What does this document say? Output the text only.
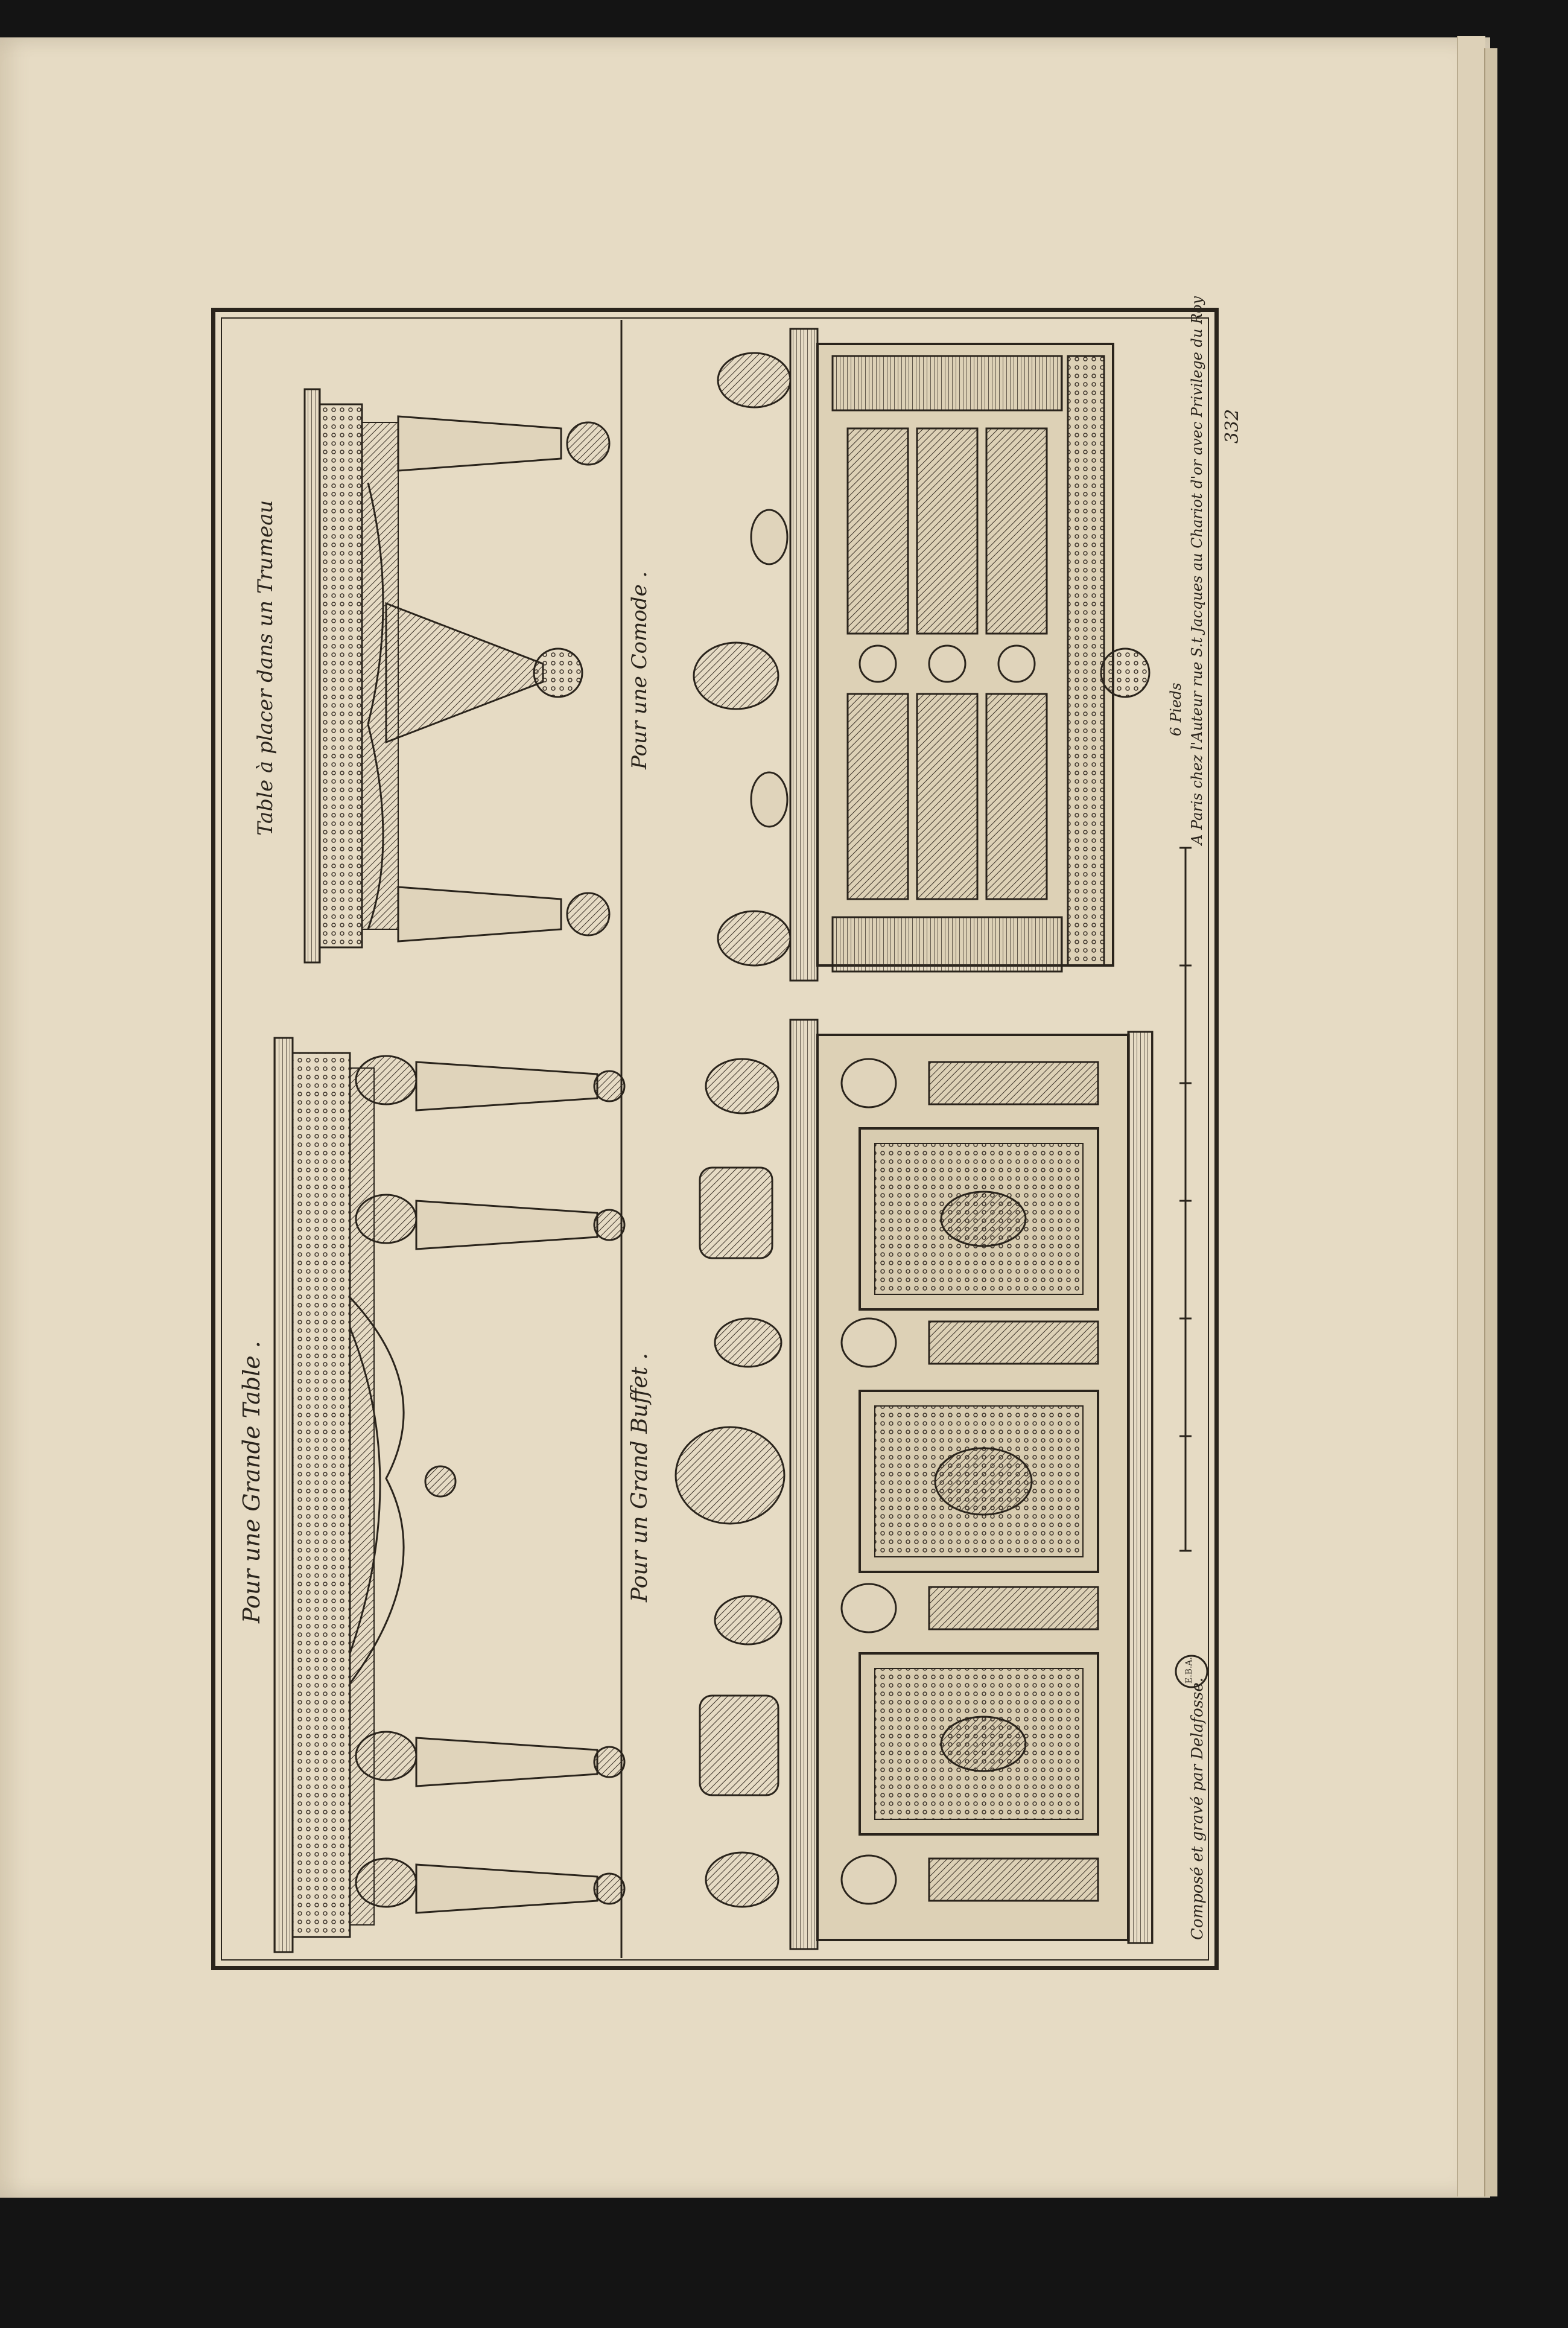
Table à placer dans un Trumeau
Pour une Grande Table .
Pour une Comode .
Pour un Grand Buffet .
6 Pieds A Paris chez l'Auteur rue S.t Jacques au Chariot d'or avec Privilege du Roy
Composé et gravé par Delafosse.
E.B.A.
332
